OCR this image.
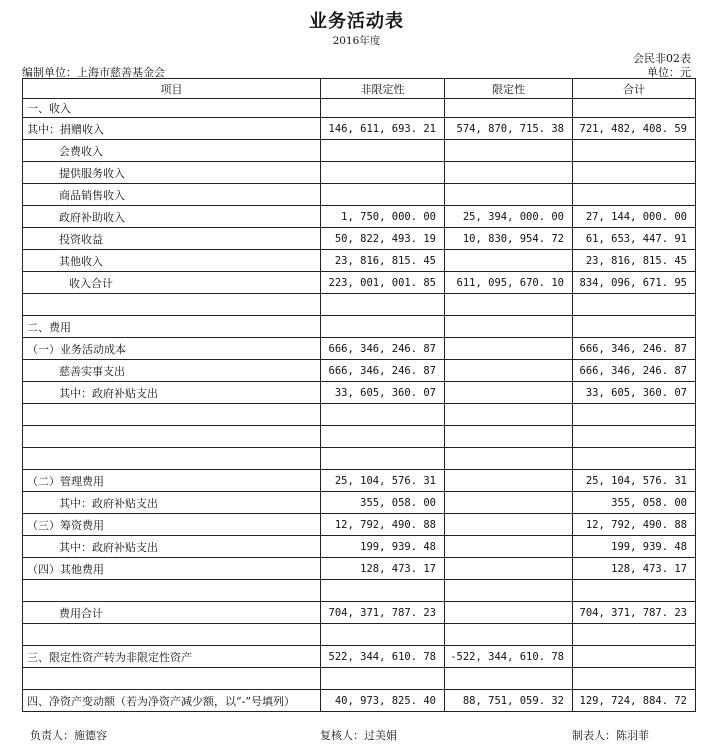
业务活动表
2016年度
会民非02表
编制单位：上海市慈善基金会	单位：元
项目	非限定性	限定性	合计
一、收入			
其中：捐赠收入	146, 611, 693. 21	574, 870, 715. 38	721, 482, 408. 59
会费收入			
提供服务收入			
商品销售收入			
政府补助收入	1, 750, 000. 00	25, 394, 000. 00	27, 144, 000. 00
投资收益	50, 822, 493. 19	10, 830, 954. 72	61, 653, 447. 91
其他收入	23, 816, 815. 45		23, 816, 815. 45
收入合计	223, 001, 001. 85	611, 095, 670. 10	834, 096, 671. 95

二、费用			
（一）业务活动成本	666, 346, 246. 87		666, 346, 246. 87
慈善实事支出	666, 346, 246. 87		666, 346, 246. 87
其中：政府补贴支出	33, 605, 360. 07		33, 605, 360. 07

（二）管理费用	25, 104, 576. 31		25, 104, 576. 31
其中：政府补贴支出	355, 058. 00		355, 058. 00
（三）筹资费用	12, 792, 490. 88		12, 792, 490. 88
其中：政府补贴支出	199, 939. 48		199, 939. 48
（四）其他费用	128, 473. 17		128, 473. 17

费用合计	704, 371, 787. 23		704, 371, 787. 23

三、限定性资产转为非限定性资产	522, 344, 610. 78	-522, 344, 610. 78	

四、净资产变动额（若为净资产减少额，以“-”号填列）	40, 973, 825. 40	88, 751, 059. 32	129, 724, 884. 72
负责人：施德容	复核人：过美娟	制表人：陈羽菲
